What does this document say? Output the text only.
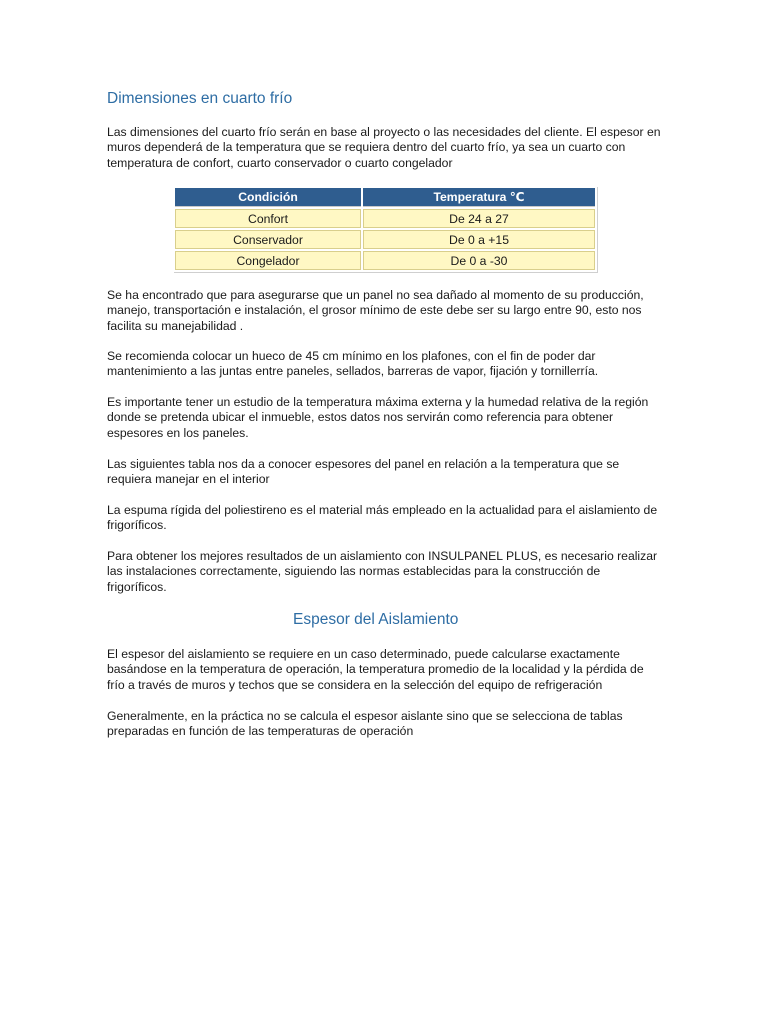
Dimensiones en cuarto frío

Las dimensiones del cuarto frío serán en base al proyecto o las necesidades del cliente. El espesor en muros dependerá de la temperatura que se requiera dentro del cuarto frío, ya sea un cuarto con temperatura de confort, cuarto conservador o cuarto congelador

Condición	Temperatura ℃
Confort	De 24 a 27
Conservador	De 0 a +15
Congelador	De 0 a -30

Se ha encontrado que para asegurarse que un panel no sea dañado al momento de su producción, manejo, transportación e instalación, el grosor mínimo de este debe ser su largo entre 90, esto nos facilita su manejabilidad .

Se recomienda colocar un hueco de 45 cm mínimo en los plafones, con el fin de poder dar mantenimiento a las juntas entre paneles, sellados, barreras de vapor, fijación y tornillerría.

Es importante tener un estudio de la temperatura máxima externa y la humedad relativa de la región donde se pretenda ubicar el inmueble, estos datos nos servirán como referencia para obtener espesores en los paneles.

Las siguientes tabla nos da a conocer espesores del panel en relación a la temperatura que se requiera manejar en el interior

La espuma rígida del poliestireno es el material más empleado en la actualidad para el aislamiento de frigoríficos.

Para obtener los mejores resultados de un aislamiento con INSULPANEL PLUS, es necesario realizar las instalaciones correctamente, siguiendo las normas establecidas para la construcción de frigoríficos.

Espesor del Aislamiento

El espesor del aislamiento se requiere en un caso determinado, puede calcularse exactamente basándose en la temperatura de operación, la temperatura promedio de la localidad y la pérdida de frío a través de muros y techos que se considera en la selección del equipo de refrigeración

Generalmente, en la práctica no se calcula el espesor aislante sino que se selecciona de tablas preparadas en función de las temperaturas de operación
